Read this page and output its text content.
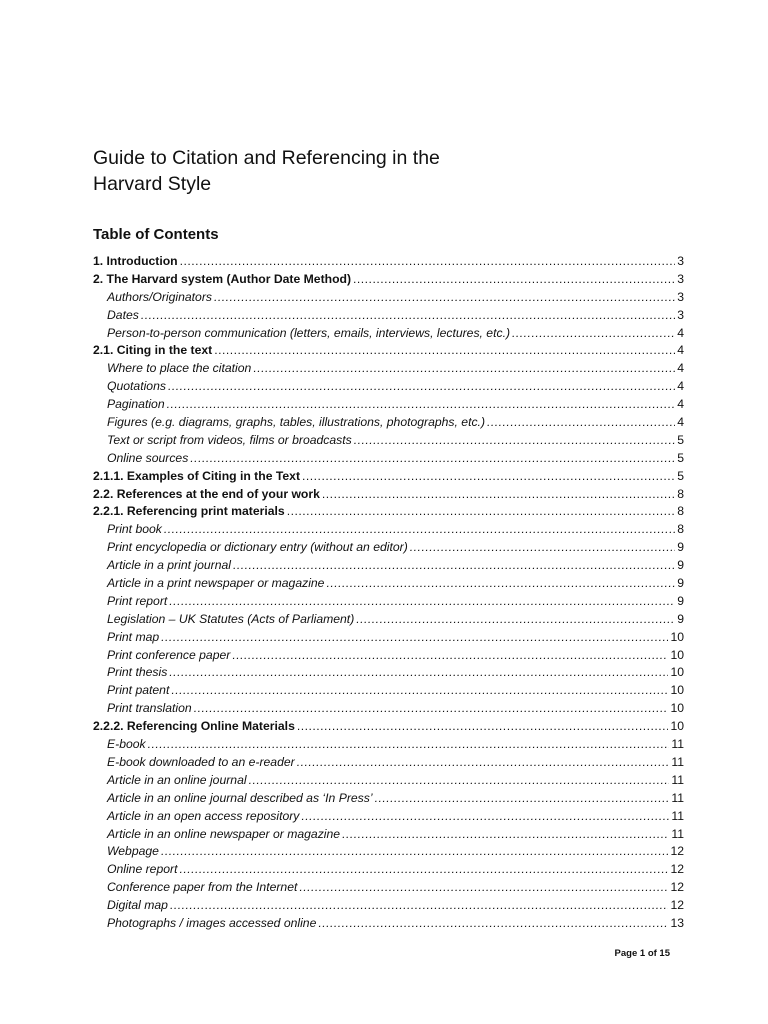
Guide to Citation and Referencing in the
Harvard Style
Table of Contents
1. Introduction .....	3
2. The Harvard system (Author Date Method) .....	3
Authors/Originators .....	3
Dates .....	3
Person-to-person communication (letters, emails, interviews, lectures, etc.) .....	4
2.1. Citing in the text .....	4
Where to place the citation .....	4
Quotations .....	4
Pagination .....	4
Figures (e.g. diagrams, graphs, tables, illustrations, photographs, etc.) .....	4
Text or script from videos, films or broadcasts .....	5
Online sources .....	5
2.1.1. Examples of Citing in the Text .....	5
2.2. References at the end of your work .....	8
2.2.1. Referencing print materials .....	8
Print book .....	8
Print encyclopedia or dictionary entry (without an editor) .....	9
Article in a print journal .....	9
Article in a print newspaper or magazine .....	9
Print report .....	9
Legislation – UK Statutes (Acts of Parliament) .....	9
Print map .....	10
Print conference paper .....	10
Print thesis .....	10
Print patent .....	10
Print translation .....	10
2.2.2. Referencing Online Materials .....	10
E-book .....	11
E-book downloaded to an e-reader .....	11
Article in an online journal .....	11
Article in an online journal described as ‘In Press’ .....	11
Article in an open access repository .....	11
Article in an online newspaper or magazine .....	11
Webpage .....	12
Online report .....	12
Conference paper from the Internet .....	12
Digital map .....	12
Photographs / images accessed online .....	13
Page 1 of 15
